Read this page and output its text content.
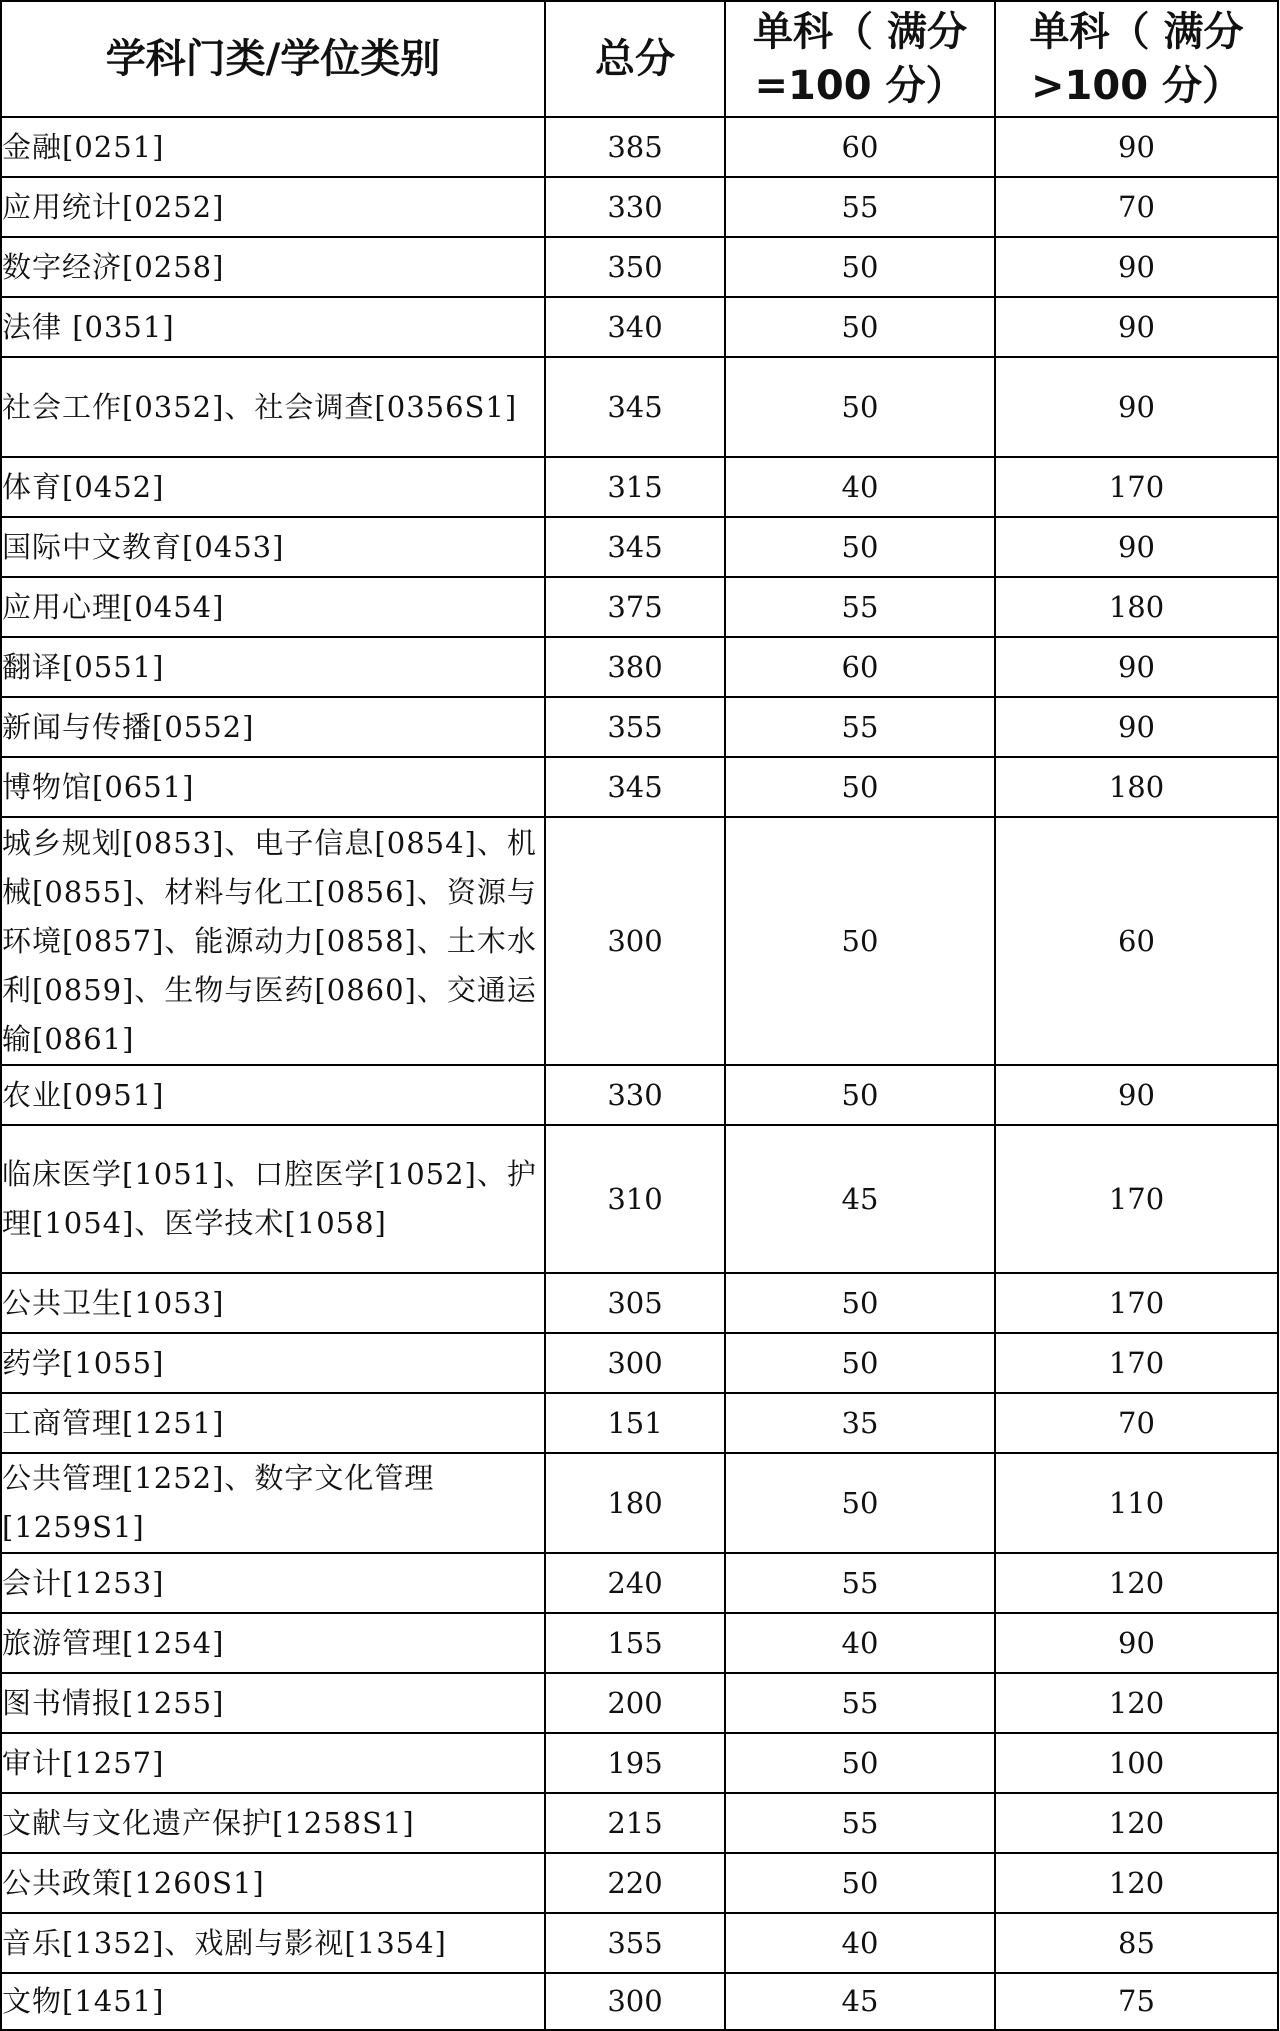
学科门类/学位类别	总分	单科（ 满分=100 分）	单科（ 满分>100 分）
金融[0251]	385	60	90
应用统计[0252]	330	55	70
数字经济[0258]	350	50	90
法律 [0351]	340	50	90
社会工作[0352]、社会调查[0356S1]	345	50	90
体育[0452]	315	40	170
国际中文教育[0453]	345	50	90
应用心理[0454]	375	55	180
翻译[0551]	380	60	90
新闻与传播[0552]	355	55	90
博物馆[0651]	345	50	180
城乡规划[0853]、电子信息[0854]、机械[0855]、材料与化工[0856]、资源与环境[0857]、能源动力[0858]、土木水利[0859]、生物与医药[0860]、交通运输[0861]	300	50	60
农业[0951]	330	50	90
临床医学[1051]、口腔医学[1052]、护理[1054]、医学技术[1058]	310	45	170
公共卫生[1053]	305	50	170
药学[1055]	300	50	170
工商管理[1251]	151	35	70
公共管理[1252]、数字文化管理[1259S1]	180	50	110
会计[1253]	240	55	120
旅游管理[1254]	155	40	90
图书情报[1255]	200	55	120
审计[1257]	195	50	100
文献与文化遗产保护[1258S1]	215	55	120
公共政策[1260S1]	220	50	120
音乐[1352]、戏剧与影视[1354]	355	40	85
文物[1451]	300	45	75
